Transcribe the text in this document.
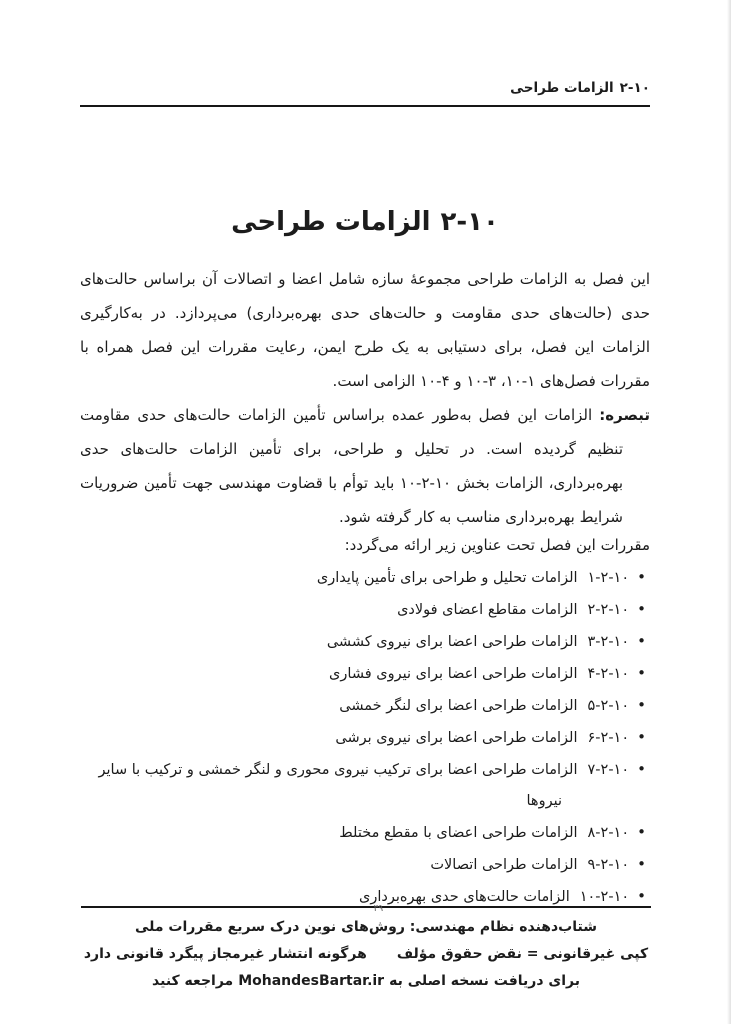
۲-۱۰الزامات طراحی
۲-۱۰الزامات طراحی

این فصل به الزامات طراحی مجموعهٔ سازه شامل اعضا و اتصالات آن براساس حالت‌های حدی (حالت‌های حدی مقاومت و حالت‌های حدی بهره‌برداری) می‌پردازد. در به‌کارگیری الزامات این فصل، برای دستیابی به یک طرح ایمن، رعایت مقررات این فصل همراه با مقررات فصل‌های ۱-۱۰، ۳-۱۰ و ۴-۱۰ الزامی است.

تبصره: الزامات این فصل به‌طور عمده براساس تأمین الزامات حالت‌های حدی مقاومت تنظیم گردیده است. در تحلیل و طراحی، برای تأمین الزامات حالت‌های حدی بهره‌برداری، الزامات بخش ۱۰-۲-۱۰ باید توأم با قضاوت مهندسی جهت تأمین ضروریات شرایط بهره‌برداری مناسب به کار گرفته شود.

مقررات این فصل تحت عناوین زیر ارائه می‌گردد:

•۱-۲-۱۰الزامات تحلیل و طراحی برای تأمین پایداری
•۲-۲-۱۰الزامات مقاطع اعضای فولادی
•۳-۲-۱۰الزامات طراحی اعضا برای نیروی کششی
•۴-۲-۱۰الزامات طراحی اعضا برای نیروی فشاری
•۵-۲-۱۰الزامات طراحی اعضا برای لنگر خمشی
•۶-۲-۱۰الزامات طراحی اعضا برای نیروی برشی
•۷-۲-۱۰الزامات طراحی اعضا برای ترکیب نیروی محوری و لنگر خمشی و ترکیب با سایر نیروها
•۸-۲-۱۰الزامات طراحی اعضای با مقطع مختلط
•۹-۲-۱۰الزامات طراحی اتصالات
•۱۰-۲-۱۰الزامات حالت‌های حدی بهره‌برداری
۳۹
شتاب‌دهنده نظام مهندسی: روش‌های نوین درک سریع مقررات ملی
کپی غیرقانونی = نقض حقوق مؤلفهرگونه انتشار غیرمجاز پیگرد قانونی دارد
برای دریافت نسخه اصلی بهMohandesBartar.irمراجعه کنید
